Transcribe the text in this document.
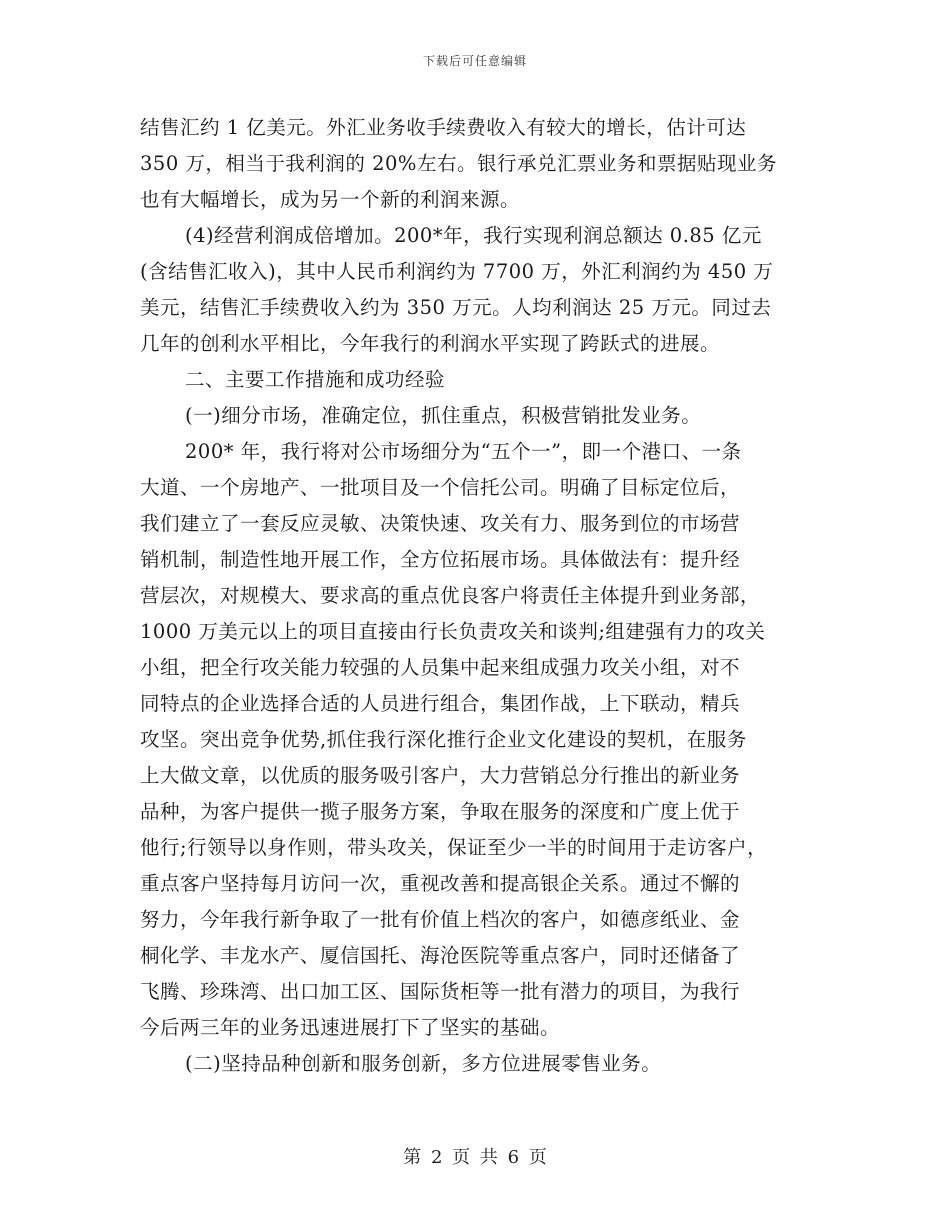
下载后可任意编辑
结售汇约 1 亿美元。外汇业务收手续费收入有较大的增长，估计可达
350 万，相当于我利润的 20%左右。银行承兑汇票业务和票据贴现业务
也有大幅增长，成为另一个新的利润来源。
(4)经营利润成倍增加。200*年，我行实现利润总额达 0.85 亿元
(含结售汇收入)，其中人民币利润约为 7700 万，外汇利润约为 450 万
美元，结售汇手续费收入约为 350 万元。人均利润达 25 万元。同过去
几年的创利水平相比，今年我行的利润水平实现了跨跃式的进展。
二、主要工作措施和成功经验
(一)细分市场，准确定位，抓住重点，积极营销批发业务。
200* 年，我行将对公市场细分为“五个一”，即一个港口、一条
大道、一个房地产、一批项目及一个信托公司。明确了目标定位后，
我们建立了一套反应灵敏、决策快速、攻关有力、服务到位的市场营
销机制，制造性地开展工作，全方位拓展市场。具体做法有：提升经
营层次，对规模大、要求高的重点优良客户将责任主体提升到业务部，
1000 万美元以上的项目直接由行长负责攻关和谈判;组建强有力的攻关
小组，把全行攻关能力较强的人员集中起来组成强力攻关小组，对不
同特点的企业选择合适的人员进行组合，集团作战，上下联动，精兵
攻坚。突出竞争优势,抓住我行深化推行企业文化建设的契机，在服务
上大做文章，以优质的服务吸引客户，大力营销总分行推出的新业务
品种，为客户提供一揽子服务方案，争取在服务的深度和广度上优于
他行;行领导以身作则，带头攻关，保证至少一半的时间用于走访客户，
重点客户坚持每月访问一次，重视改善和提高银企关系。通过不懈的
努力，今年我行新争取了一批有价值上档次的客户，如德彦纸业、金
桐化学、丰龙水产、厦信国托、海沧医院等重点客户，同时还储备了
飞腾、珍珠湾、出口加工区、国际货柜等一批有潜力的项目，为我行
今后两三年的业务迅速进展打下了坚实的基础。
(二)坚持品种创新和服务创新，多方位进展零售业务。
第 2 页 共 6 页
